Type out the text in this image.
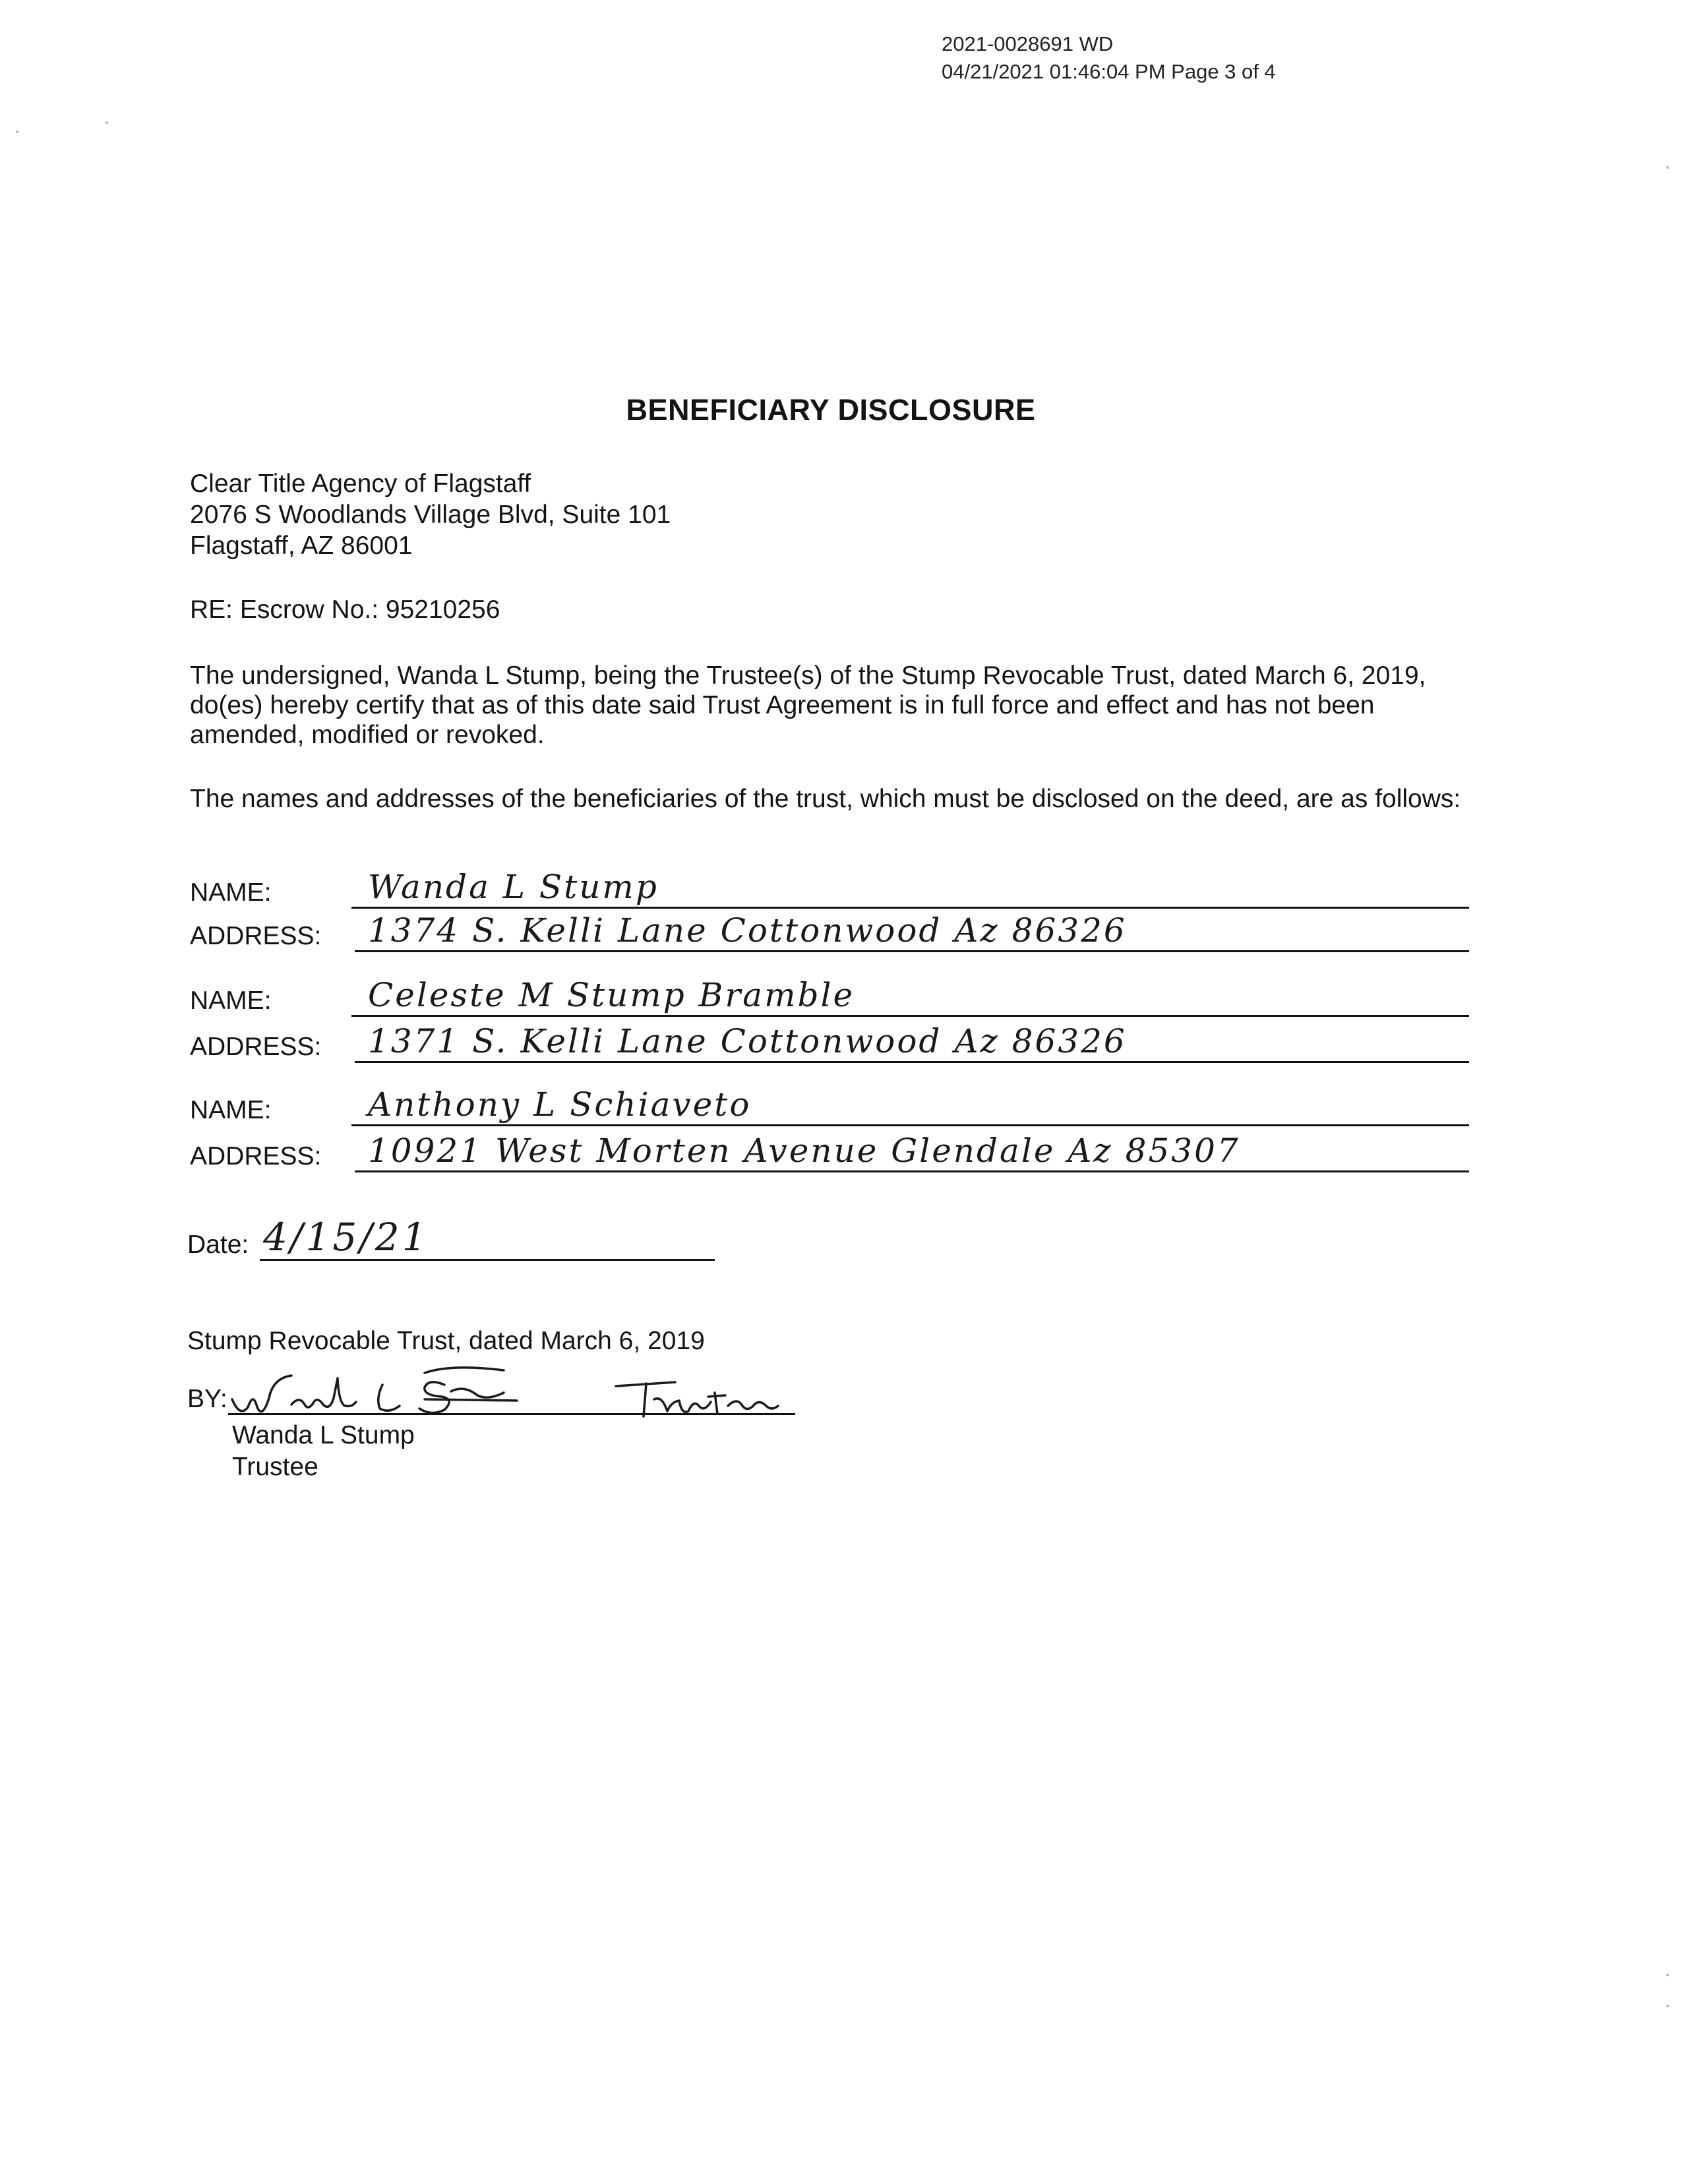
2021-0028691 WD
04/21/2021 01:46:04 PM Page 3 of 4
BENEFICIARY DISCLOSURE
Clear Title Agency of Flagstaff
2076 S Woodlands Village Blvd, Suite 101
Flagstaff, AZ 86001
RE: Escrow No.: 95210256
The undersigned, Wanda L Stump, being the Trustee(s) of the Stump Revocable Trust, dated March 6, 2019, do(es) hereby certify that as of this date said Trust Agreement is in full force and effect and has not been amended, modified or revoked.
The names and addresses of the beneficiaries of the trust, which must be disclosed on the deed, are as follows:
NAME:	Wanda L Stump
ADDRESS: 1374 S. Kelli Lane Cottonwood Az 86326
NAME:	Celeste M Stump Bramble
ADDRESS: 1371 S. Kelli Lane Cottonwood Az 86326
NAME:	Anthony L Schiaveto
ADDRESS: 10921 West Morten Avenue Glendale Az 85307
Date: 4/15/21
Stump Revocable Trust, dated March 6, 2019
BY:
Wanda L Stump
Trustee
